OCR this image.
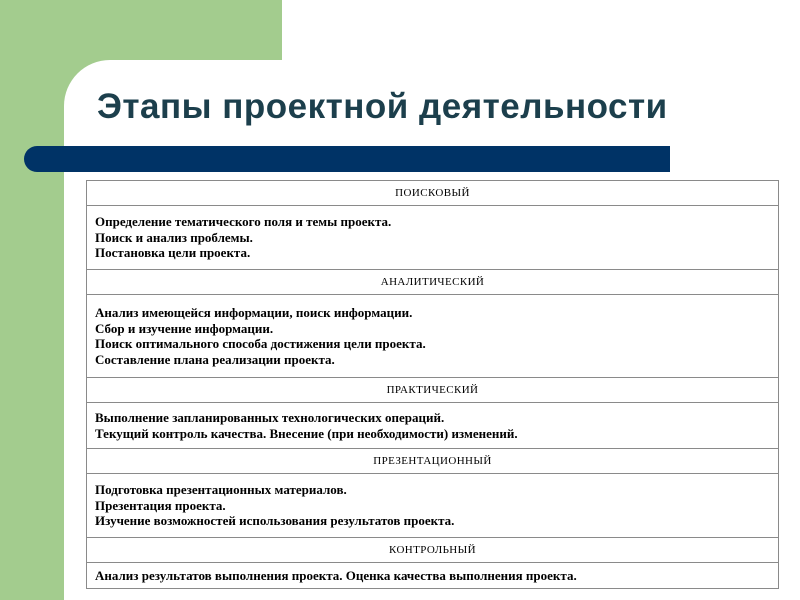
Этапы проектной деятельности
ПОИСКОВЫЙ

Определение тематического поля и темы проекта.
Поиск и анализ проблемы.
Постановка цели проекта.

АНАЛИТИЧЕСКИЙ

Анализ имеющейся информации, поиск информации.
Сбор и изучение информации.
Поиск оптимального способа достижения цели проекта.
Составление плана реализации проекта.

ПРАКТИЧЕСКИЙ

Выполнение запланированных технологических операций.
Текущий контроль качества. Внесение (при необходимости) изменений.

ПРЕЗЕНТАЦИОННЫЙ

Подготовка презентационных материалов.
Презентация проекта.
Изучение возможностей использования результатов проекта.

КОНТРОЛЬНЫЙ

Анализ результатов выполнения проекта. Оценка качества выполнения проекта.
